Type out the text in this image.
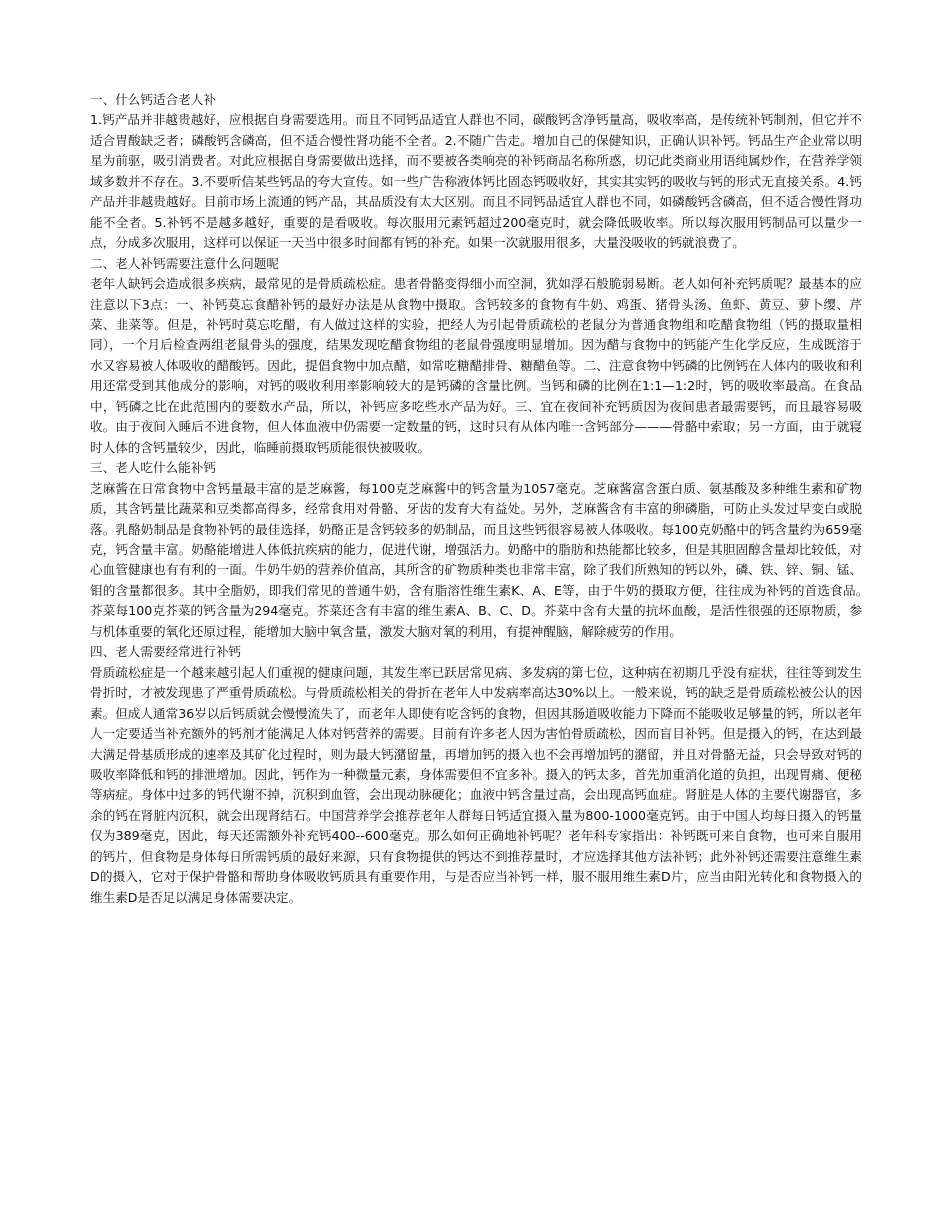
一、什么钙适合老人补

1.钙产品并非越贵越好，应根据自身需要选用。而且不同钙品适宜人群也不同，碳酸钙含净钙量高，吸收率高，是传统补钙制剂，但它并不适合胃酸缺乏者；磷酸钙含磷高，但不适合慢性肾功能不全者。2.不随广告走。增加自己的保健知识，正确认识补钙。钙品生产企业常以明星为前驱，吸引消费者。对此应根据自身需要做出选择，而不要被各类响亮的补钙商品名称所惑，切记此类商业用语纯属炒作，在营养学领域多数并不存在。3.不要听信某些钙品的夸大宣传。如一些广告称液体钙比固态钙吸收好，其实其实钙的吸收与钙的形式无直接关系。4.钙产品并非越贵越好。目前市场上流通的钙产品，其品质没有太大区别。而且不同钙品适宜人群也不同，如磷酸钙含磷高，但不适合慢性肾功能不全者。5.补钙不是越多越好，重要的是看吸收。每次服用元素钙超过200毫克时，就会降低吸收率。所以每次服用钙制品可以量少一点，分成多次服用，这样可以保证一天当中很多时间都有钙的补充。如果一次就服用很多，大量没吸收的钙就浪费了。

二、老人补钙需要注意什么问题呢

老年人缺钙会造成很多疾病，最常见的是骨质疏松症。患者骨骼变得细小而空洞，犹如浮石般脆弱易断。老人如何补充钙质呢？最基本的应注意以下3点：一、补钙莫忘食醋补钙的最好办法是从食物中摄取。含钙较多的食物有牛奶、鸡蛋、猪骨头汤、鱼虾、黄豆、萝卜缨、芹菜、韭菜等。但是，补钙时莫忘吃醋，有人做过这样的实验，把经人为引起骨质疏松的老鼠分为普通食物组和吃醋食物组（钙的摄取量相同），一个月后检查两组老鼠骨头的强度，结果发现吃醋食物组的老鼠骨强度明显增加。因为醋与食物中的钙能产生化学反应，生成既溶于水又容易被人体吸收的醋酸钙。因此，提倡食物中加点醋，如常吃糖醋排骨、糖醋鱼等。二、注意食物中钙磷的比例钙在人体内的吸收和利用还常受到其他成分的影响，对钙的吸收利用率影响较大的是钙磷的含量比例。当钙和磷的比例在1:1—1:2时，钙的吸收率最高。在食品中，钙磷之比在此范围内的要数水产品，所以，补钙应多吃些水产品为好。三、宜在夜间补充钙质因为夜间患者最需要钙，而且最容易吸收。由于夜间入睡后不进食物，但人体血液中仍需要一定数量的钙，这时只有从体内唯一含钙部分———骨骼中索取；另一方面，由于就寝时人体的含钙量较少，因此，临睡前摄取钙质能很快被吸收。

三、老人吃什么能补钙

芝麻酱在日常食物中含钙量最丰富的是芝麻酱，每100克芝麻酱中的钙含量为1057毫克。芝麻酱富含蛋白质、氨基酸及多种维生素和矿物质，其含钙量比蔬菜和豆类都高得多，经常食用对骨骼、牙齿的发育大有益处。另外，芝麻酱含有丰富的卵磷脂，可防止头发过早变白或脱落。乳酪奶制品是食物补钙的最佳选择，奶酪正是含钙较多的奶制品，而且这些钙很容易被人体吸收。每100克奶酪中的钙含量约为659毫克，钙含量丰富。奶酪能增进人体低抗疾病的能力，促进代谢，增强活力。奶酪中的脂肪和热能都比较多，但是其胆固醇含量却比较低，对心血管健康也有有利的一面。牛奶牛奶的营养价值高，其所含的矿物质种类也非常丰富，除了我们所熟知的钙以外，磷、铁、锌、铜、锰、钼的含量都很多。其中全脂奶，即我们常见的普通牛奶，含有脂溶性维生素K、A、E等，由于牛奶的摄取方便，往往成为补钙的首选食品。　　芥菜每100克芥菜的钙含量为294毫克。芥菜还含有丰富的维生素A、B、C、D。芥菜中含有大量的抗坏血酸，是活性很强的还原物质，参与机体重要的氧化还原过程，能增加大脑中氧含量，激发大脑对氧的利用，有提神醒脑，解除疲劳的作用。

四、老人需要经常进行补钙

骨质疏松症是一个越来越引起人们重视的健康问题，其发生率已跃居常见病、多发病的第七位，这种病在初期几乎没有症状，往往等到发生骨折时，才被发现患了严重骨质疏松。与骨质疏松相关的骨折在老年人中发病率高达30%以上。一般来说，钙的缺乏是骨质疏松被公认的因素。但成人通常36岁以后钙质就会慢慢流失了，而老年人即使有吃含钙的食物，但因其肠道吸收能力下降而不能吸收足够量的钙，所以老年人一定要适当补充额外的钙剂才能满足人体对钙营养的需要。目前有许多老人因为害怕骨质疏松，因而盲目补钙。但是摄入的钙，在达到最大满足骨基质形成的速率及其矿化过程时，则为最大钙潴留量，再增加钙的摄入也不会再增加钙的潴留，并且对骨骼无益，只会导致对钙的吸收率降低和钙的排泄增加。因此，钙作为一种微量元素，身体需要但不宜多补。摄入的钙太多，首先加重消化道的负担，出现胃痛、便秘等病症。身体中过多的钙代谢不掉，沉积到血管，会出现动脉硬化；血液中钙含量过高，会出现高钙血症。肾脏是人体的主要代谢器官，多余的钙在肾脏内沉积，就会出现肾结石。中国营养学会推荐老年人群每日钙适宜摄入量为800-1000毫克钙。由于中国人均每日摄入的钙量仅为389毫克，因此，每天还需额外补充钙400--600毫克。那么如何正确地补钙呢？老年科专家指出：补钙既可来自食物，也可来自服用的钙片，但食物是身体每日所需钙质的最好来源，只有食物提供的钙达不到推荐量时，才应选择其他方法补钙；此外补钙还需要注意维生素D的摄入，它对于保护骨骼和帮助身体吸收钙质具有重要作用，与是否应当补钙一样，服不服用维生素D片，应当由阳光转化和食物摄入的维生素D是否足以满足身体需要决定。
